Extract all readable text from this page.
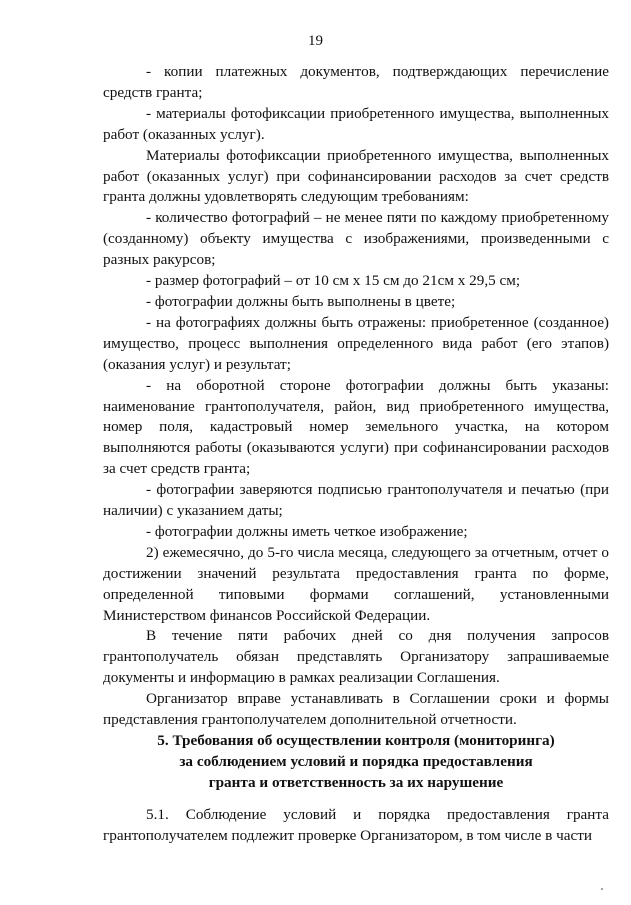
19

- копии платежных документов, подтверждающих перечисление средств гранта;

- материалы фотофиксации приобретенного имущества, выполненных работ (оказанных услуг).

Материалы фотофиксации приобретенного имущества, выполненных работ (оказанных услуг) при софинансировании расходов за счет средств гранта должны удовлетворять следующим требованиям:

- количество фотографий – не менее пяти по каждому приобретенному (созданному) объекту имущества с изображениями, произведенными с разных ракурсов;

- размер фотографий – от 10 см х 15 см до 21см х 29,5 см;

- фотографии должны быть выполнены в цвете;

- на фотографиях должны быть отражены: приобретенное (созданное) имущество, процесс выполнения определенного вида работ (его этапов) (оказания услуг) и результат;

- на оборотной стороне фотографии должны быть указаны: наименование грантополучателя, район, вид приобретенного имущества, номер поля, кадастровый номер земельного участка, на котором выполняются работы (оказываются услуги) при софинансировании расходов за счет средств гранта;

- фотографии заверяются подписью грантополучателя и печатью (при наличии) с указанием даты;

- фотографии должны иметь четкое изображение;

2) ежемесячно, до 5-го числа месяца, следующего за отчетным, отчет о достижении значений результата предоставления гранта по форме, определенной типовыми формами соглашений, установленными Министерством финансов Российской Федерации.

В течение пяти рабочих дней со дня получения запросов грантополучатель обязан представлять Организатору запрашиваемые документы и информацию в рамках реализации Соглашения.

Организатор вправе устанавливать в Соглашении сроки и формы представления грантополучателем дополнительной отчетности.

5. Требования об осуществлении контроля (мониторинга)
за соблюдением условий и порядка предоставления
гранта и ответственность за их нарушение

5.1. Соблюдение условий и порядка предоставления гранта грантополучателем подлежит проверке Организатором, в том числе в части
